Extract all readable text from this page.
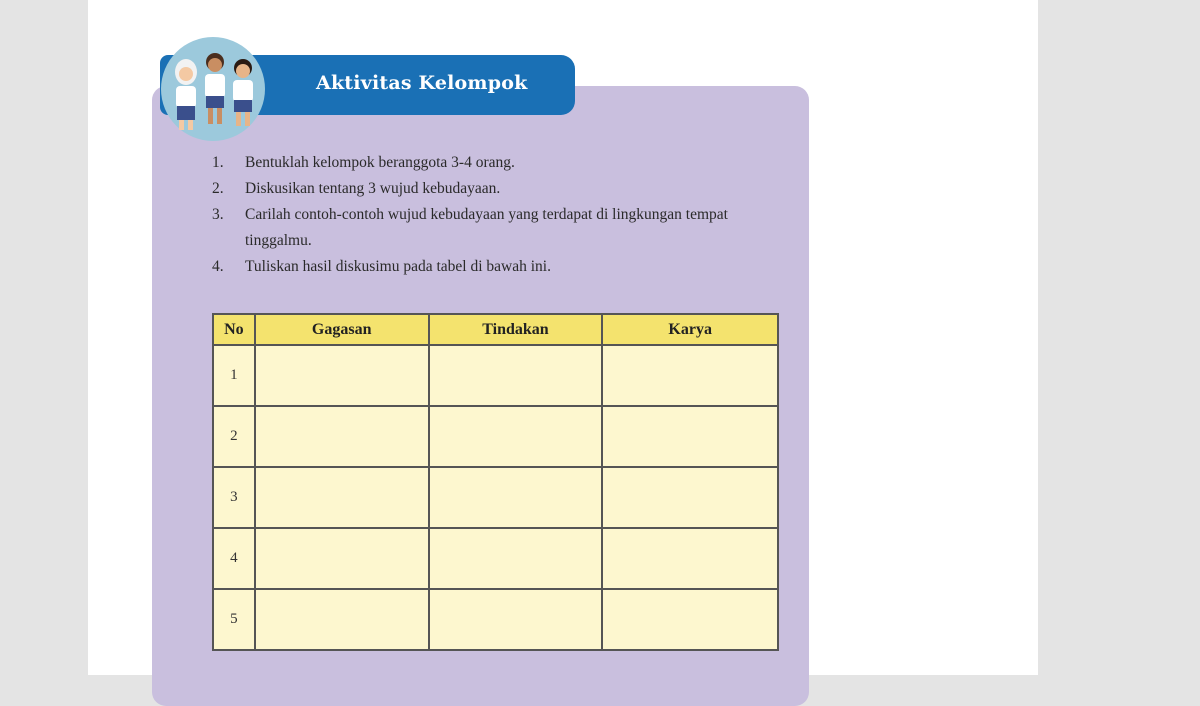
Aktivitas Kelompok
1.	Bentuklah kelompok beranggota 3-4 orang.
2.	Diskusikan tentang 3 wujud kebudayaan.
3.	Carilah contoh-contoh wujud kebudayaan yang terdapat di lingkungan tempat tinggalmu.
4.	Tuliskan hasil diskusimu pada tabel di bawah ini.
No	Gagasan	Tindakan	Karya
1			
2			
3			
4			
5			
